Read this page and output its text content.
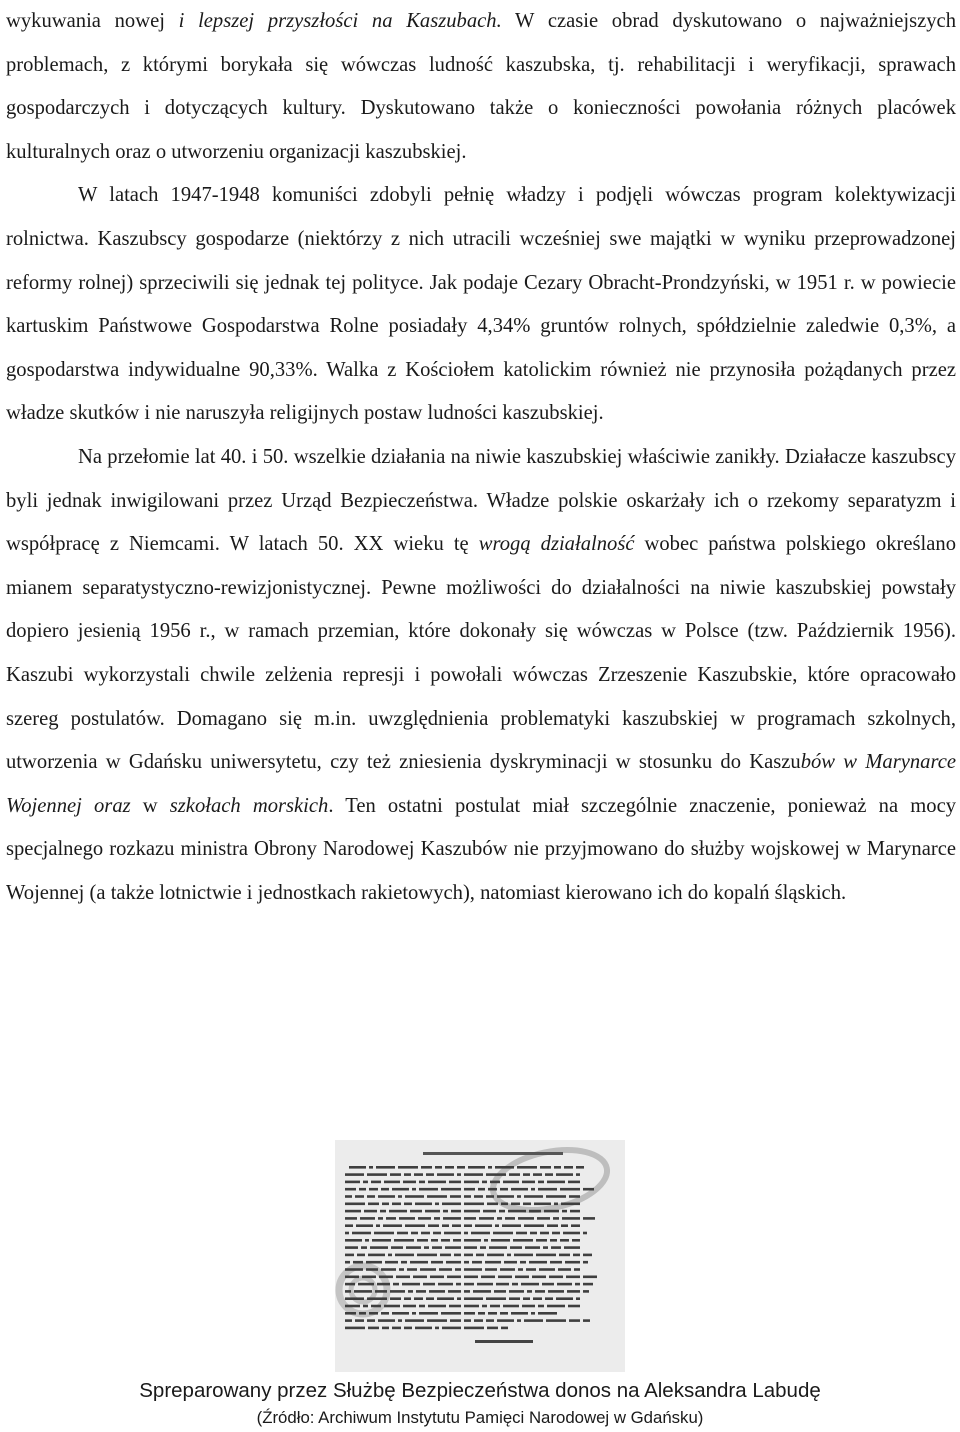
wykuwania nowej i lepszej przyszłości na Kaszubach. W czasie obrad dyskutowano o najważniejszych problemach, z którymi borykała się wówczas ludność kaszubska, tj. rehabilitacji i weryfikacji, sprawach gospodarczych i dotyczących kultury. Dyskutowano także o konieczności powołania różnych placówek kulturalnych oraz o utworzeniu organizacji kaszubskiej.

W latach 1947-1948 komuniści zdobyli pełnię władzy i podjęli wówczas program kolektywizacji rolnictwa. Kaszubscy gospodarze (niektórzy z nich utracili wcześniej swe majątki w wyniku przeprowadzonej reformy rolnej) sprzeciwili się jednak tej polityce. Jak podaje Cezary Obracht-Prondzyński, w 1951 r. w powiecie kartuskim Państwowe Gospodarstwa Rolne posiadały 4,34% gruntów rolnych, spółdzielnie zaledwie 0,3%, a gospodarstwa indywidualne 90,33%. Walka z Kościołem katolickim również nie przynosiła pożądanych przez władze skutków i nie naruszyła religijnych postaw ludności kaszubskiej.

Na przełomie lat 40. i 50. wszelkie działania na niwie kaszubskiej właściwie zanikły. Działacze kaszubscy byli jednak inwigilowani przez Urząd Bezpieczeństwa. Władze polskie oskarżały ich o rzekomy separatyzm i współpracę z Niemcami. W latach 50. XX wieku tę wrogą działalność wobec państwa polskiego określano mianem separatystyczno-rewizjonistycznej. Pewne możliwości do działalności na niwie kaszubskiej powstały dopiero jesienią 1956 r., w ramach przemian, które dokonały się wówczas w Polsce (tzw. Październik 1956). Kaszubi wykorzystali chwile zelżenia represji i powołali wówczas Zrzeszenie Kaszubskie, które opracowało szereg postulatów. Domagano się m.in. uwzględnienia problematyki kaszubskiej w programach szkolnych, utworzenia w Gdańsku uniwersytetu, czy też zniesienia dyskryminacji w stosunku do Kaszubów w Marynarce Wojennej oraz w szkołach morskich. Ten ostatni postulat miał szczególnie znaczenie, ponieważ na mocy specjalnego rozkazu ministra Obrony Narodowej Kaszubów nie przyjmowano do służby wojskowej w Marynarce Wojennej (a także lotnictwie i jednostkach rakietowych), natomiast kierowano ich do kopalń śląskich.

Spreparowany przez Służbę Bezpieczeństwa donos na Aleksandra Labudę

(Źródło: Archiwum Instytutu Pamięci Narodowej w Gdańsku)
